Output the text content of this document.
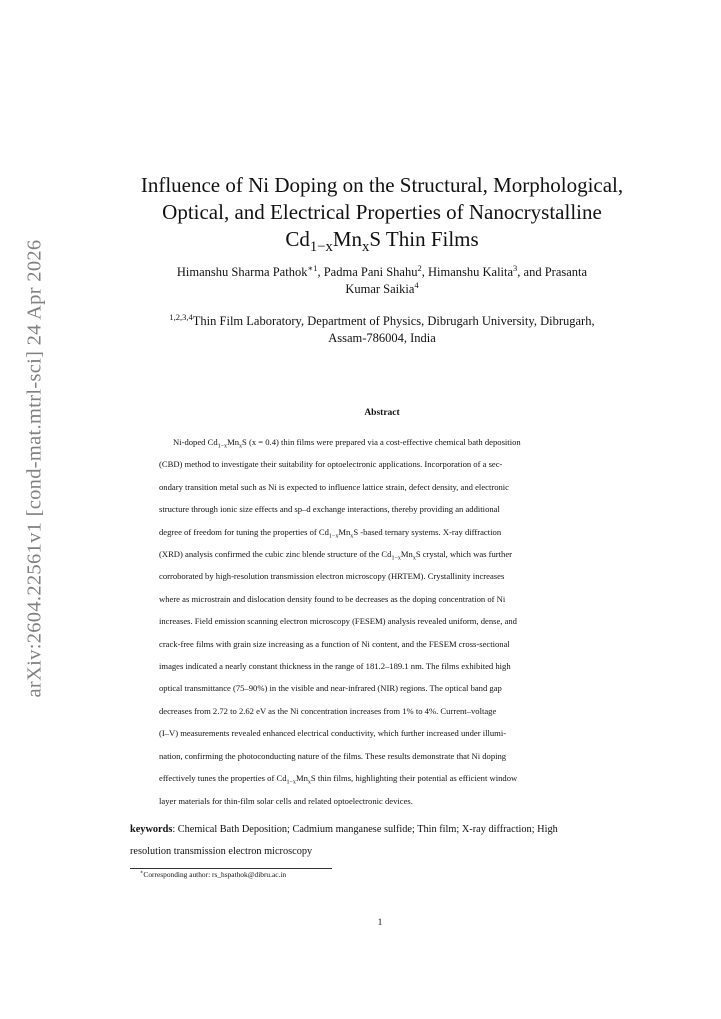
arXiv:2604.22561v1 [cond-mat.mtrl-sci] 24 Apr 2026
Influence of Ni Doping on the Structural, Morphological,
Optical, and Electrical Properties of Nanocrystalline
$Cd_{1-x}Mn_xS$ Thin Films

Himanshu Sharma Pathok$^{∗1}$, Padma Pani Shahu$^2$, Himanshu Kalita$^3$, and Prasanta
Kumar Saikia$^4$

$^{1,2,3,4}$Thin Film Laboratory, Department of Physics, Dibrugarh University, Dibrugarh,
Assam-786004, India

Abstract
Ni-doped $Cd_{1-x}Mn_xS$ (x = 0.4) thin films were prepared via a cost-effective chemical bath deposition
(CBD) method to investigate their suitability for optoelectronic applications. Incorporation of a sec-
ondary transition metal such as Ni is expected to influence lattice strain, defect density, and electronic
structure through ionic size effects and sp–d exchange interactions, thereby providing an additional
degree of freedom for tuning the properties of $Cd_{1-x}Mn_xS$ -based ternary systems. X-ray diffraction
(XRD) analysis confirmed the cubic zinc blende structure of the $Cd_{1-x}Mn_xS$ crystal, which was further
corroborated by high-resolution transmission electron microscopy (HRTEM). Crystallinity increases
where as microstrain and dislocation density found to be decreases as the doping concentration of Ni
increases. Field emission scanning electron microscopy (FESEM) analysis revealed uniform, dense, and
crack-free films with grain size increasing as a function of Ni content, and the FESEM cross-sectional
images indicated a nearly constant thickness in the range of 181.2–189.1 nm. The films exhibited high
optical transmittance (75–90%) in the visible and near-infrared (NIR) regions. The optical band gap
decreases from 2.72 to 2.62 eV as the Ni concentration increases from 1% to 4%. Current–voltage
(I–V) measurements revealed enhanced electrical conductivity, which further increased under illumi-
nation, confirming the photoconducting nature of the films. These results demonstrate that Ni doping
effectively tunes the properties of $Cd_{1-x}Mn_xS$ thin films, highlighting their potential as efficient window
layer materials for thin-film solar cells and related optoelectronic devices.
keywords: Chemical Bath Deposition; Cadmium manganese sulfide; Thin film; X-ray diffraction; High
resolution transmission electron microscopy

∗Corresponding author: rs_hspathok@dibru.ac.in

1
